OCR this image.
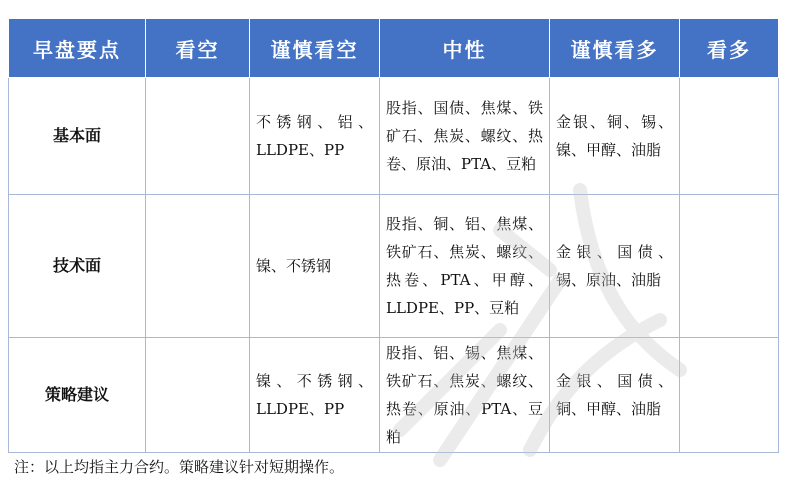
早盘要点	看空	谨慎看空	中性	谨慎看多	看多
基本面		不锈钢、铝、LLDPE、PP	股指、国债、焦煤、铁矿石、焦炭、螺纹、热卷、原油、PTA、豆粕	金银、铜、锡、镍、甲醇、油脂	
技术面		镍、不锈钢	股指、铜、铝、焦煤、铁矿石、焦炭、螺纹、热卷、PTA、甲醇、LLDPE、PP、豆粕	金银、国债、锡、原油、油脂	
策略建议		镍、不锈钢、LLDPE、PP	股指、铝、锡、焦煤、铁矿石、焦炭、螺纹、热卷、原油、PTA、豆粕	金银、国债、铜、甲醇、油脂	
注：以上均指主力合约。策略建议针对短期操作。
